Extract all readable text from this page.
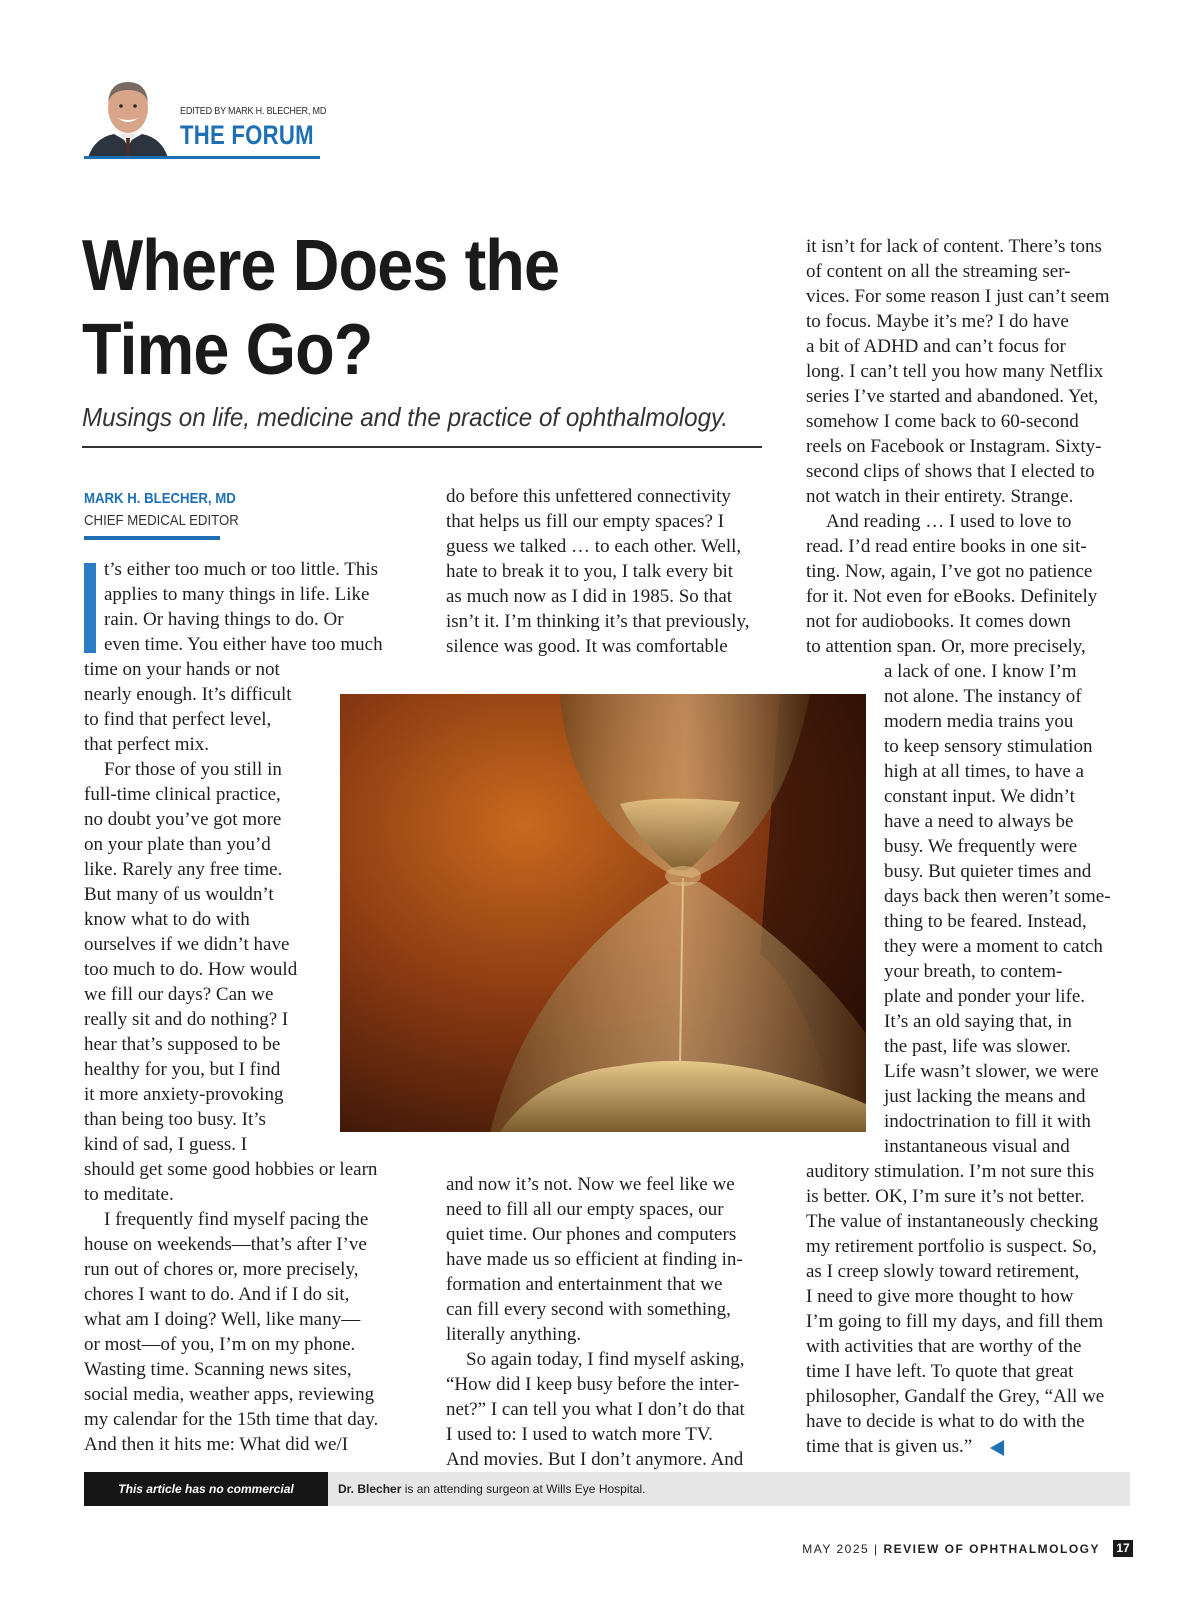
EDITED BY MARK H. BLECHER, MD
THE FORUM
Where Does the
Time Go?
Musings on life, medicine and the practice of ophthalmology.
MARK H. BLECHER, MD
CHIEF MEDICAL EDITOR
t’s either too much or too little. This
applies to many things in life. Like
rain. Or having things to do. Or
even time. You either have too much
time on your hands or not
nearly enough. It’s difficult
to find that perfect level,
that perfect mix.
For those of you still in
full-time clinical practice,
no doubt you’ve got more
on your plate than you’d
like. Rarely any free time.
But many of us wouldn’t
know what to do with
ourselves if we didn’t have
too much to do. How would
we fill our days? Can we
really sit and do nothing? I
hear that’s supposed to be
healthy for you, but I find
it more anxiety-provoking
than being too busy. It’s
kind of sad, I guess. I
should get some good hobbies or learn
to meditate.
I frequently find myself pacing the
house on weekends—that’s after I’ve
run out of chores or, more precisely,
chores I want to do. And if I do sit,
what am I doing? Well, like many—
or most—of you, I’m on my phone.
Wasting time. Scanning news sites,
social media, weather apps, reviewing
my calendar for the 15th time that day.
And then it hits me: What did we/I
do before this unfettered connectivity
that helps us fill our empty spaces? I
guess we talked … to each other. Well,
hate to break it to you, I talk every bit
as much now as I did in 1985. So that
isn’t it. I’m thinking it’s that previously,
silence was good. It was comfortable
and now it’s not. Now we feel like we
need to fill all our empty spaces, our
quiet time. Our phones and computers
have made us so efficient at finding in-
formation and entertainment that we
can fill every second with something,
literally anything.
So again today, I find myself asking,
“How did I keep busy before the inter-
net?” I can tell you what I don’t do that
I used to: I used to watch more TV.
And movies. But I don’t anymore. And
it isn’t for lack of content. There’s tons
of content on all the streaming ser-
vices. For some reason I just can’t seem
to focus. Maybe it’s me? I do have
a bit of ADHD and can’t focus for
long. I can’t tell you how many Netflix
series I’ve started and abandoned. Yet,
somehow I come back to 60-second
reels on Facebook or Instagram. Sixty-
second clips of shows that I elected to
not watch in their entirety. Strange.
And reading … I used to love to
read. I’d read entire books in one sit-
ting. Now, again, I’ve got no patience
for it. Not even for eBooks. Definitely
not for audiobooks. It comes down
to attention span. Or, more precisely,
a lack of one. I know I’m
not alone. The instancy of
modern media trains you
to keep sensory stimulation
high at all times, to have a
constant input. We didn’t
have a need to always be
busy. We frequently were
busy. But quieter times and
days back then weren’t some-
thing to be feared. Instead,
they were a moment to catch
your breath, to contem-
plate and ponder your life.
It’s an old saying that, in
the past, life was slower.
Life wasn’t slower, we were
just lacking the means and
indoctrination to fill it with
instantaneous visual and
auditory stimulation. I’m not sure this
is better. OK, I’m sure it’s not better.
The value of instantaneously checking
my retirement portfolio is suspect. So,
as I creep slowly toward retirement,
I need to give more thought to how
I’m going to fill my days, and fill them
with activities that are worthy of the
time I have left. To quote that great
philosopher, Gandalf the Grey, “All we
have to decide is what to do with the
time that is given us.”
This article has no commercial sponsorship.
Dr. Blecher is an attending surgeon at Wills Eye Hospital.
MAY 2025 | REVIEW OF OPHTHALMOLOGY 17
